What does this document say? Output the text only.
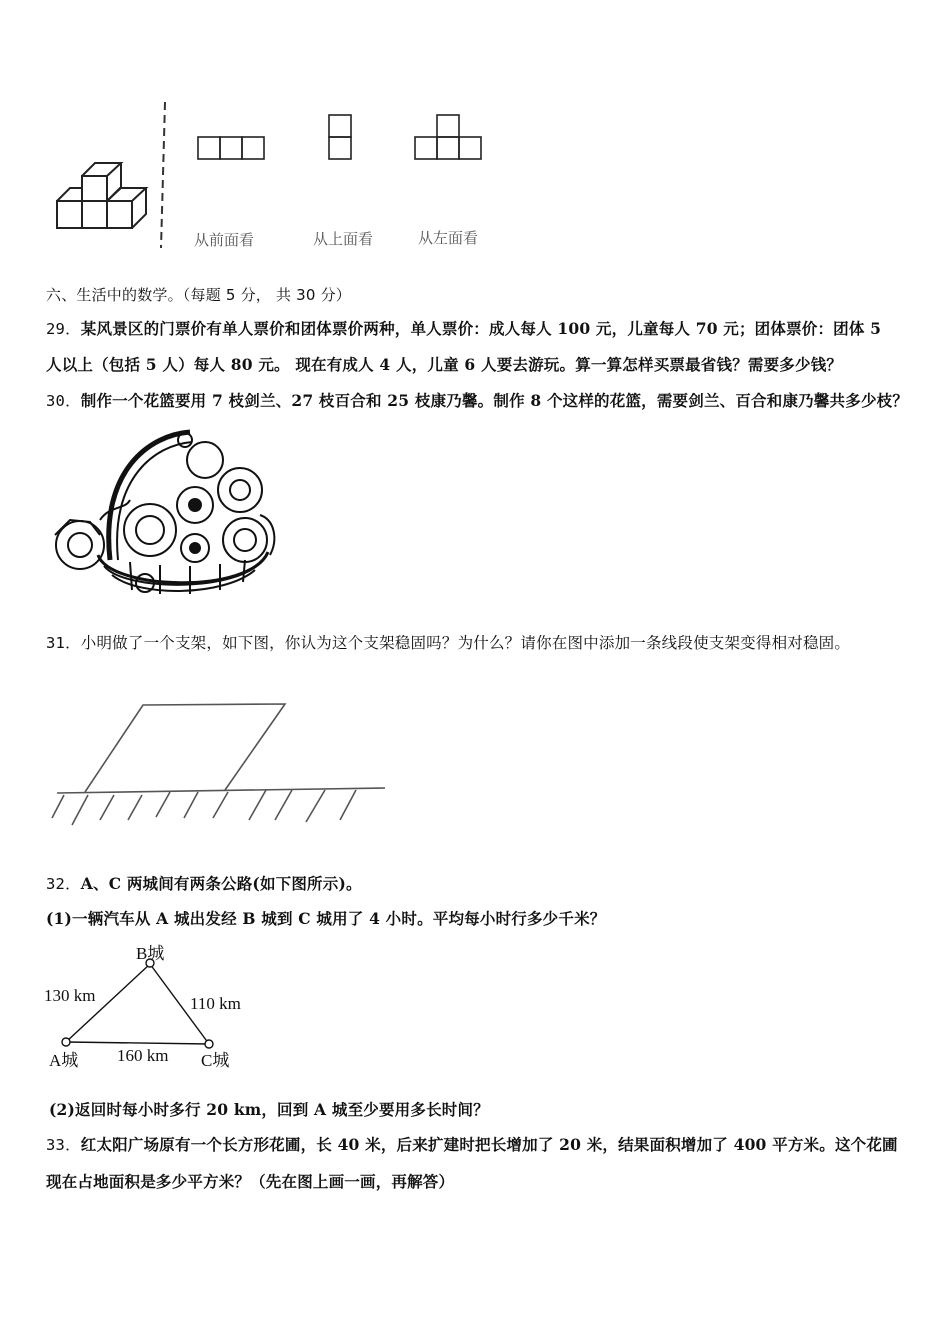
从前面看	从上面看	从左面看
六、生活中的数学。（每题 5 分， 共 30 分）
29．某风景区的门票价有单人票价和团体票价两种，单人票价：成人每人 100 元，儿童每人 70 元；团体票价：团体 5
人以上（包括 5 人）每人 80 元。 现在有成人 4 人，儿童 6 人要去游玩。算一算怎样买票最省钱？需要多少钱？
30．制作一个花篮要用 7 枝剑兰、27 枝百合和 25 枝康乃馨。制作 8 个这样的花篮，需要剑兰、百合和康乃馨共多少枝？
31．小明做了一个支架，如下图，你认为这个支架稳固吗？为什么？请你在图中添加一条线段使支架变得相对稳固。
32．A、C 两城间有两条公路(如下图所示)。
(1)一辆汽车从 A 城出发经 B 城到 C 城用了 4 小时。平均每小时行多少千米？
B城
130 km	110 km
A城 160 km C城
(2)返回时每小时多行 20 km，回到 A 城至少要用多长时间？
33．红太阳广场原有一个长方形花圃，长 40 米，后来扩建时把长增加了 20 米，结果面积增加了 400 平方米。这个花圃
现在占地面积是多少平方米？（先在图上画一画，再解答）
